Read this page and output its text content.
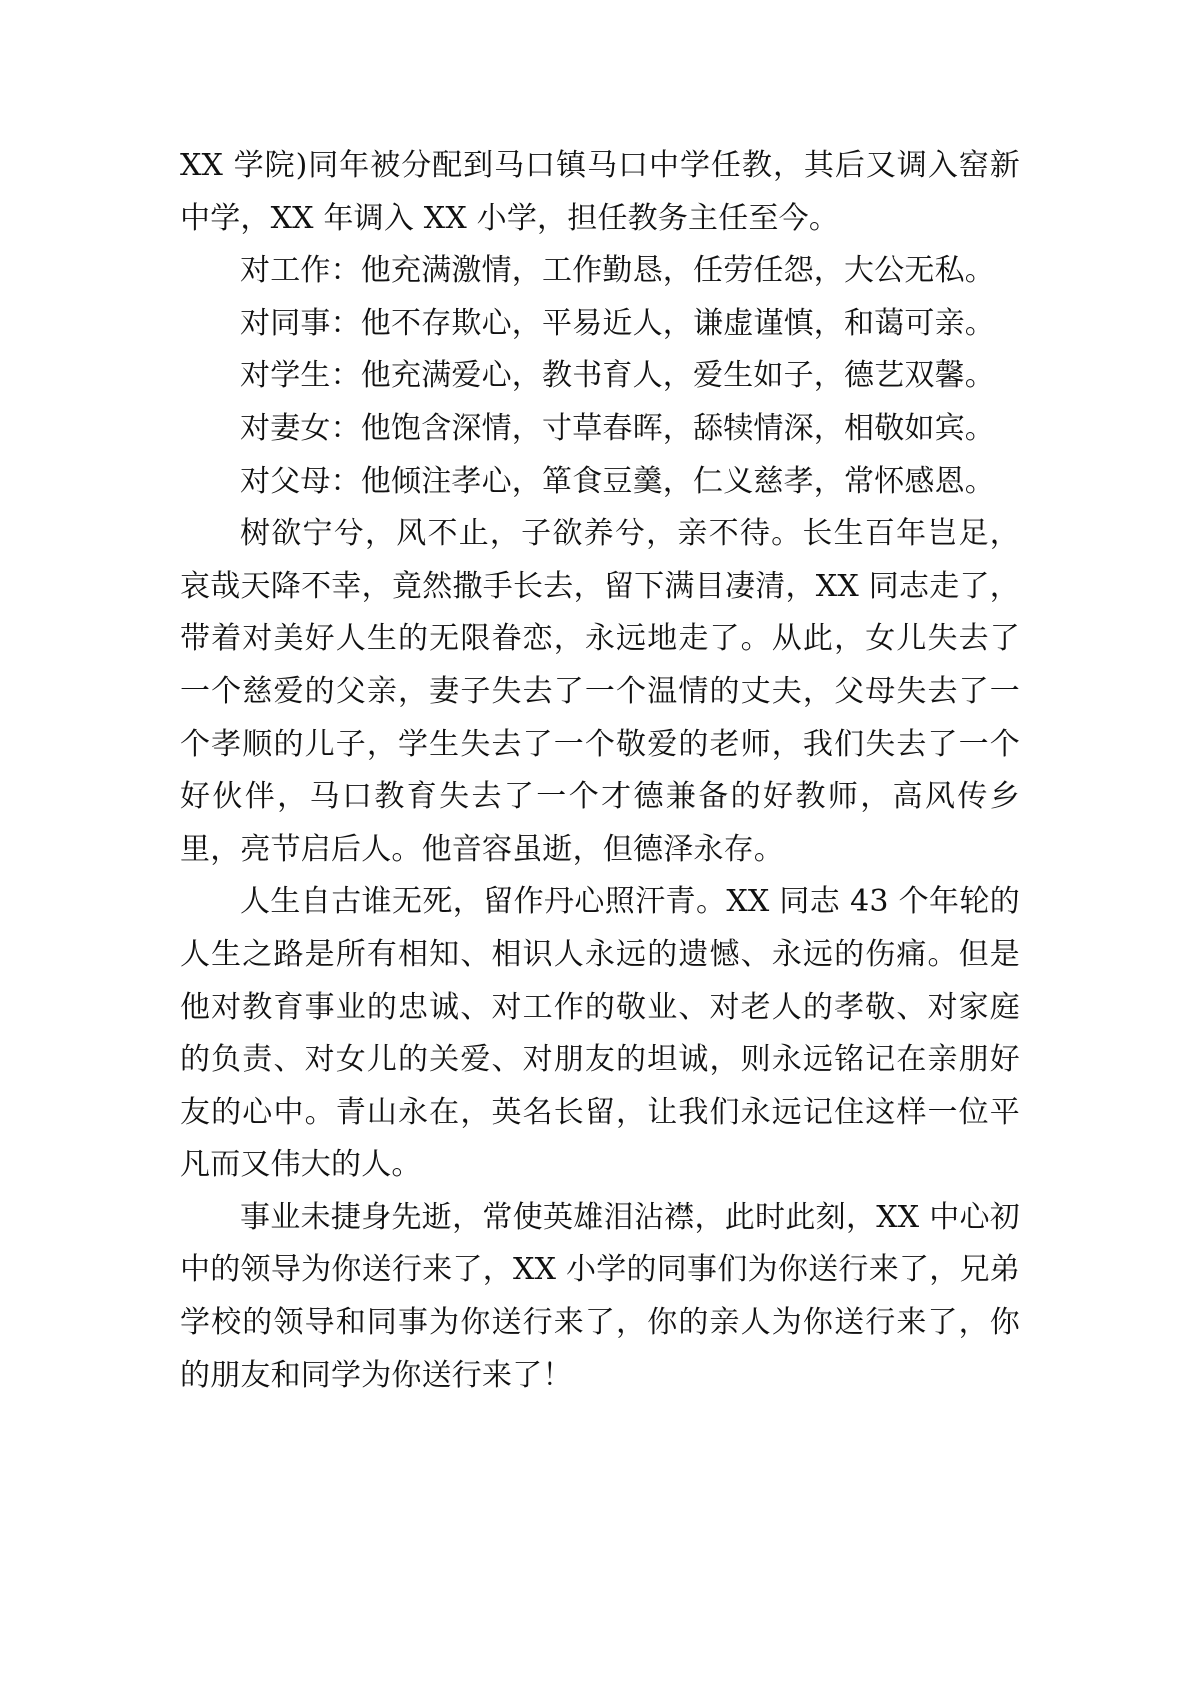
XX 学院)同年被分配到马口镇马口中学任教，其后又调入窑新中学，XX 年调入 XX 小学，担任教务主任至今。

对工作：他充满激情，工作勤恳，任劳任怨，大公无私。

对同事：他不存欺心，平易近人，谦虚谨慎，和蔼可亲。

对学生：他充满爱心，教书育人，爱生如子，德艺双馨。

对妻女：他饱含深情，寸草春晖，舔犊情深，相敬如宾。

对父母：他倾注孝心，箪食豆羹，仁义慈孝，常怀感恩。

树欲宁兮，风不止，子欲养兮，亲不待。长生百年岂足，哀哉天降不幸，竟然撒手长去，留下满目凄清，XX 同志走了，带着对美好人生的无限眷恋，永远地走了。从此，女儿失去了一个慈爱的父亲，妻子失去了一个温情的丈夫，父母失去了一个孝顺的儿子，学生失去了一个敬爱的老师，我们失去了一个好伙伴，马口教育失去了一个才德兼备的好教师，高风传乡里，亮节启后人。他音容虽逝，但德泽永存。

人生自古谁无死，留作丹心照汗青。XX 同志 43 个年轮的人生之路是所有相知、相识人永远的遗憾、永远的伤痛。但是他对教育事业的忠诚、对工作的敬业、对老人的孝敬、对家庭的负责、对女儿的关爱、对朋友的坦诚，则永远铭记在亲朋好友的心中。青山永在，英名长留，让我们永远记住这样一位平凡而又伟大的人。

事业未捷身先逝，常使英雄泪沾襟，此时此刻，XX 中心初中的领导为你送行来了，XX 小学的同事们为你送行来了，兄弟学校的领导和同事为你送行来了，你的亲人为你送行来了，你的朋友和同学为你送行来了！
